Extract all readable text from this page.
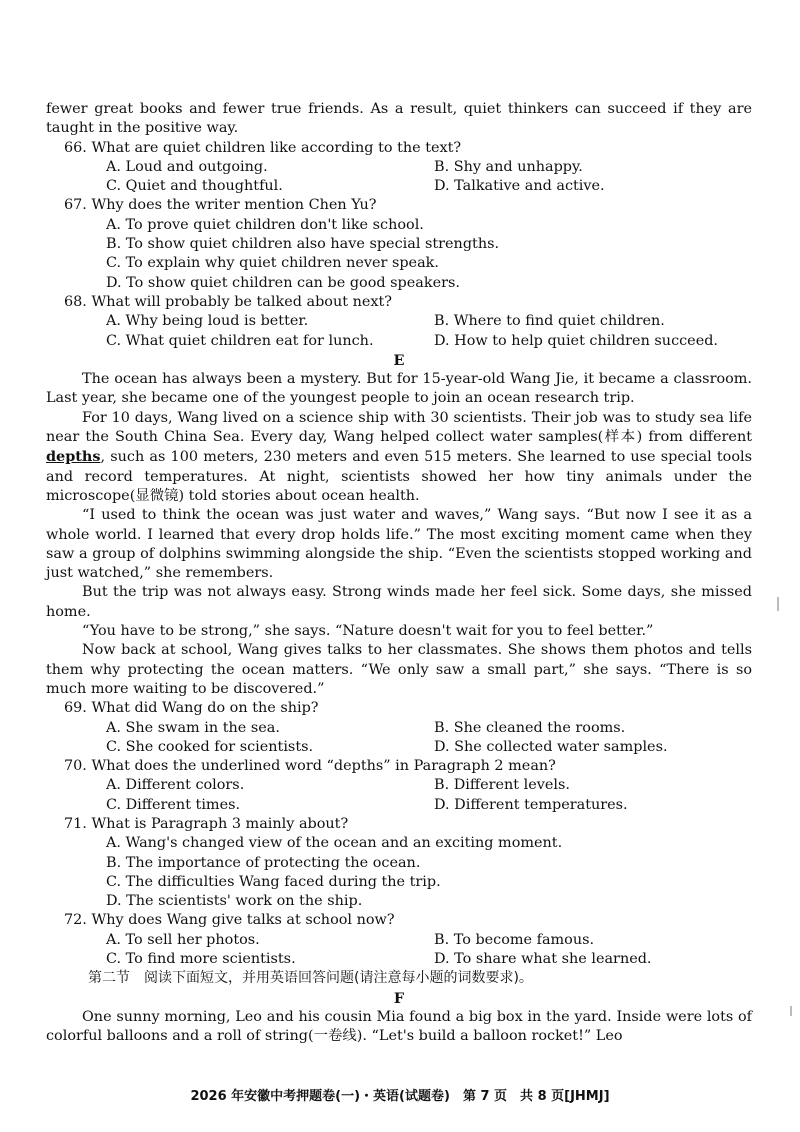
fewer great books and fewer true friends. As a result, quiet thinkers can succeed if they are taught in the positive way.

66. What are quiet children like according to the text?

A. Loud and outgoing.	B. Shy and unhappy.
C. Quiet and thoughtful.	D. Talkative and active.

67. Why does the writer mention Chen Yu?

A. To prove quiet children don't like school.

B. To show quiet children also have special strengths.

C. To explain why quiet children never speak.

D. To show quiet children can be good speakers.

68. What will probably be talked about next?

A. Why being loud is better.	B. Where to find quiet children.
C. What quiet children eat for lunch.	D. How to help quiet children succeed.

E

The ocean has always been a mystery. But for 15-year-old Wang Jie, it became a classroom. Last year, she became one of the youngest people to join an ocean research trip.

For 10 days, Wang lived on a science ship with 30 scientists. Their job was to study sea life near the South China Sea. Every day, Wang helped collect water samples(样本) from different depths, such as 100 meters, 230 meters and even 515 meters. She learned to use special tools and record temperatures. At night, scientists showed her how tiny animals under the microscope(显微镜) told stories about ocean health.

“I used to think the ocean was just water and waves,” Wang says. “But now I see it as a whole world. I learned that every drop holds life.” The most exciting moment came when they saw a group of dolphins swimming alongside the ship. “Even the scientists stopped working and just watched,” she remembers.

But the trip was not always easy. Strong winds made her feel sick. Some days, she missed home.

“You have to be strong,” she says. “Nature doesn't wait for you to feel better.”

Now back at school, Wang gives talks to her classmates. She shows them photos and tells them why protecting the ocean matters. “We only saw a small part,” she says. “There is so much more waiting to be discovered.”

69. What did Wang do on the ship?

A. She swam in the sea.	B. She cleaned the rooms.
C. She cooked for scientists.	D. She collected water samples.

70. What does the underlined word “depths” in Paragraph 2 mean?

A. Different colors.	B. Different levels.
C. Different times.	D. Different temperatures.

71. What is Paragraph 3 mainly about?

A. Wang's changed view of the ocean and an exciting moment.

B. The importance of protecting the ocean.

C. The difficulties Wang faced during the trip.

D. The scientists' work on the ship.

72. Why does Wang give talks at school now?

A. To sell her photos.	B. To become famous.
C. To find more scientists.	D. To share what she learned.

第二节　阅读下面短文，并用英语回答问题(请注意每小题的词数要求)。

F

One sunny morning, Leo and his cousin Mia found a big box in the yard. Inside were lots of colorful balloons and a roll of string(一卷线). “Let's build a balloon rocket!” Leo

2026 年安徽中考押题卷(一)・英语(试题卷)　第 7 页　共 8 页[JHMJ]
